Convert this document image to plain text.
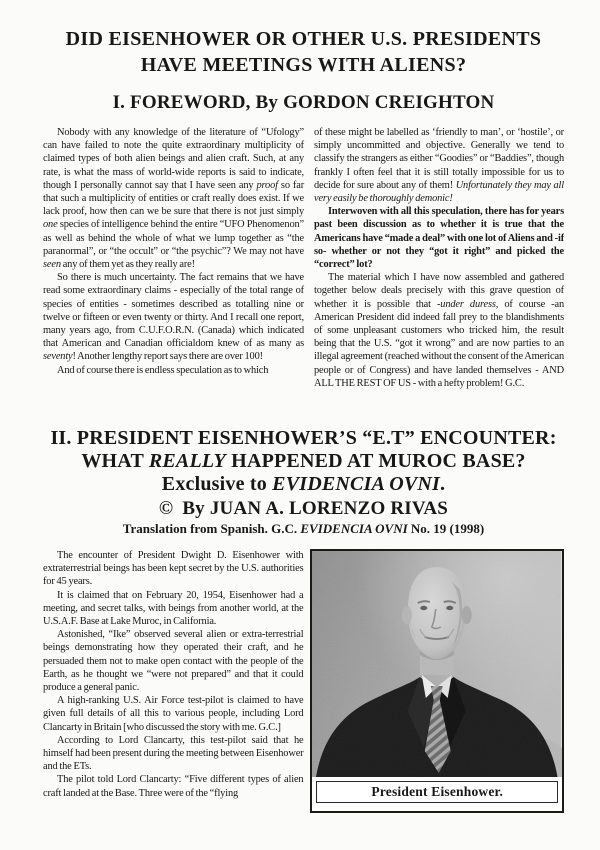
DID EISENHOWER OR OTHER U.S. PRESIDENTS
HAVE MEETINGS WITH ALIENS?
I. FOREWORD, By GORDON CREIGHTON

Nobody with any knowledge of the literature of “Ufology” can have failed to note the quite extraordinary multiplicity of claimed types of both alien beings and alien craft. Such, at any rate, is what the mass of world-wide reports is said to indicate, though I personally cannot say that I have seen any proof so far that such a multiplicity of entities or craft really does exist. If we lack proof, how then can we be sure that there is not just simply one species of intelligence behind the entire “UFO Phenomenon” as well as behind the whole of what we lump together as “the paranormal”, or “the occult” or “the psychic”? We may not have seen any of them yet as they really are!

So there is much uncertainty. The fact remains that we have read some extraordinary claims - especially of the total range of species of entities - sometimes described as totalling nine or twelve or fifteen or even twenty or thirty. And I recall one report, many years ago, from C.U.F.O.R.N. (Canada) which indicated that American and Canadian officialdom knew of as many as seventy! Another lengthy report says there are over 100!

And of course there is endless speculation as to which

of these might be labelled as ‘friendly to man’, or ‘hostile’, or simply uncommitted and objective. Generally we tend to classify the strangers as either “Goodies” or “Baddies”, though frankly I often feel that it is still totally impossible for us to decide for sure about any of them! Unfortunately they may all very easily be thoroughly demonic!

Interwoven with all this speculation, there has for years past been discussion as to whether it is true that the Americans have “made a deal” with one lot of Aliens and -if so- whether or not they “got it right” and picked the “correct” lot?

The material which I have now assembled and gathered together below deals precisely with this grave question of whether it is possible that -under duress, of course -an American President did indeed fall prey to the blandishments of some unpleasant customers who tricked him, the result being that the U.S. “got it wrong” and are now parties to an illegal agreement (reached without the consent of the American people or of Congress) and have landed themselves - AND ALL THE REST OF US - with a hefty problem! G.C.

II. PRESIDENT EISENHOWER’S “E.T” ENCOUNTER:
WHAT REALLY HAPPENED AT MUROC BASE?
Exclusive to EVIDENCIA OVNI.
© By JUAN A. LORENZO RIVAS
Translation from Spanish. G.C. EVIDENCIA OVNI No. 19 (1998)

The encounter of President Dwight D. Eisenhower with extraterrestrial beings has been kept secret by the U.S. authorities for 45 years.

It is claimed that on February 20, 1954, Eisenhower had a meeting, and secret talks, with beings from another world, at the U.S.A.F. Base at Lake Muroc, in California.

Astonished, “Ike” observed several alien or extra-terrestrial beings demonstrating how they operated their craft, and he persuaded them not to make open contact with the people of the Earth, as he thought we “were not prepared” and that it could produce a general panic.

A high-ranking U.S. Air Force test-pilot is claimed to have given full details of all this to various people, including Lord Clancarty in Britain [who discussed the story with me. G.C.]

According to Lord Clancarty, this test-pilot said that he himself had been present during the meeting between Eisenhower and the ETs.

The pilot told Lord Clancarty: “Five different types of alien craft landed at the Base. Three were of the “flying	President Eisenhower.
